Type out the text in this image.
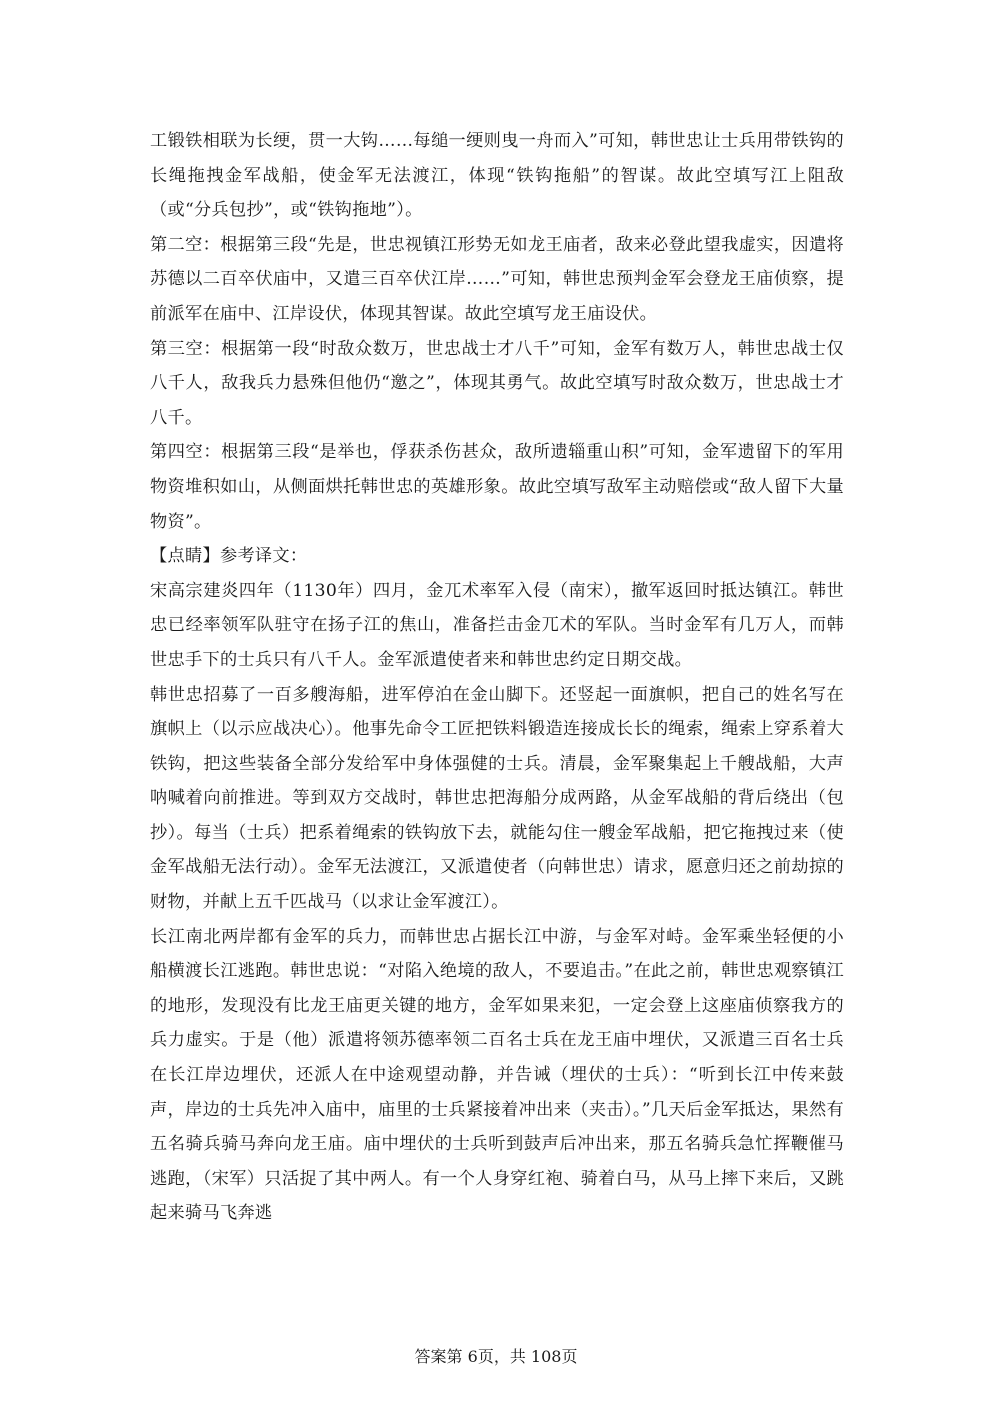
工锻铁相联为长绠，贯一大钩……每缒一绠则曳一舟而入”可知，韩世忠让士兵用带铁钩的长绳拖拽金军战船，使金军无法渡江，体现“铁钩拖船”的智谋。故此空填写江上阻敌（或“分兵包抄”，或“铁钩拖地”）。

第二空：根据第三段“先是，世忠视镇江形势无如龙王庙者，敌来必登此望我虚实，因遣将苏德以二百卒伏庙中，又遣三百卒伏江岸……”可知，韩世忠预判金军会登龙王庙侦察，提前派军在庙中、江岸设伏，体现其智谋。故此空填写龙王庙设伏。

第三空：根据第一段“时敌众数万，世忠战士才八千”可知，金军有数万人，韩世忠战士仅八千人，敌我兵力悬殊但他仍“邀之”，体现其勇气。故此空填写时敌众数万，世忠战士才八千。

第四空：根据第三段“是举也，俘获杀伤甚众，敌所遗辎重山积”可知，金军遗留下的军用物资堆积如山，从侧面烘托韩世忠的英雄形象。故此空填写敌军主动赔偿或“敌人留下大量物资”。

【点睛】参考译文：

宋高宗建炎四年（1130年）四月，金兀术率军入侵（南宋），撤军返回时抵达镇江。韩世忠已经率领军队驻守在扬子江的焦山，准备拦击金兀术的军队。当时金军有几万人，而韩世忠手下的士兵只有八千人。金军派遣使者来和韩世忠约定日期交战。

韩世忠招募了一百多艘海船，进军停泊在金山脚下。还竖起一面旗帜，把自己的姓名写在旗帜上（以示应战决心）。他事先命令工匠把铁料锻造连接成长长的绳索，绳索上穿系着大铁钩，把这些装备全部分发给军中身体强健的士兵。清晨，金军聚集起上千艘战船，大声呐喊着向前推进。等到双方交战时，韩世忠把海船分成两路，从金军战船的背后绕出（包抄）。每当（士兵）把系着绳索的铁钩放下去，就能勾住一艘金军战船，把它拖拽过来（使金军战船无法行动）。金军无法渡江，又派遣使者（向韩世忠）请求，愿意归还之前劫掠的财物，并献上五千匹战马（以求让金军渡江）。

长江南北两岸都有金军的兵力，而韩世忠占据长江中游，与金军对峙。金军乘坐轻便的小船横渡长江逃跑。韩世忠说：“对陷入绝境的敌人，不要追击。”在此之前，韩世忠观察镇江的地形，发现没有比龙王庙更关键的地方，金军如果来犯，一定会登上这座庙侦察我方的兵力虚实。于是（他）派遣将领苏德率领二百名士兵在龙王庙中埋伏，又派遣三百名士兵在长江岸边埋伏，还派人在中途观望动静，并告诫（埋伏的士兵）：“听到长江中传来鼓声，岸边的士兵先冲入庙中，庙里的士兵紧接着冲出来（夹击）。”几天后金军抵达，果然有五名骑兵骑马奔向龙王庙。庙中埋伏的士兵听到鼓声后冲出来，那五名骑兵急忙挥鞭催马逃跑，（宋军）只活捉了其中两人。有一个人身穿红袍、骑着白马，从马上摔下来后，又跳起来骑马飞奔逃

答案第 6页，共 108页
